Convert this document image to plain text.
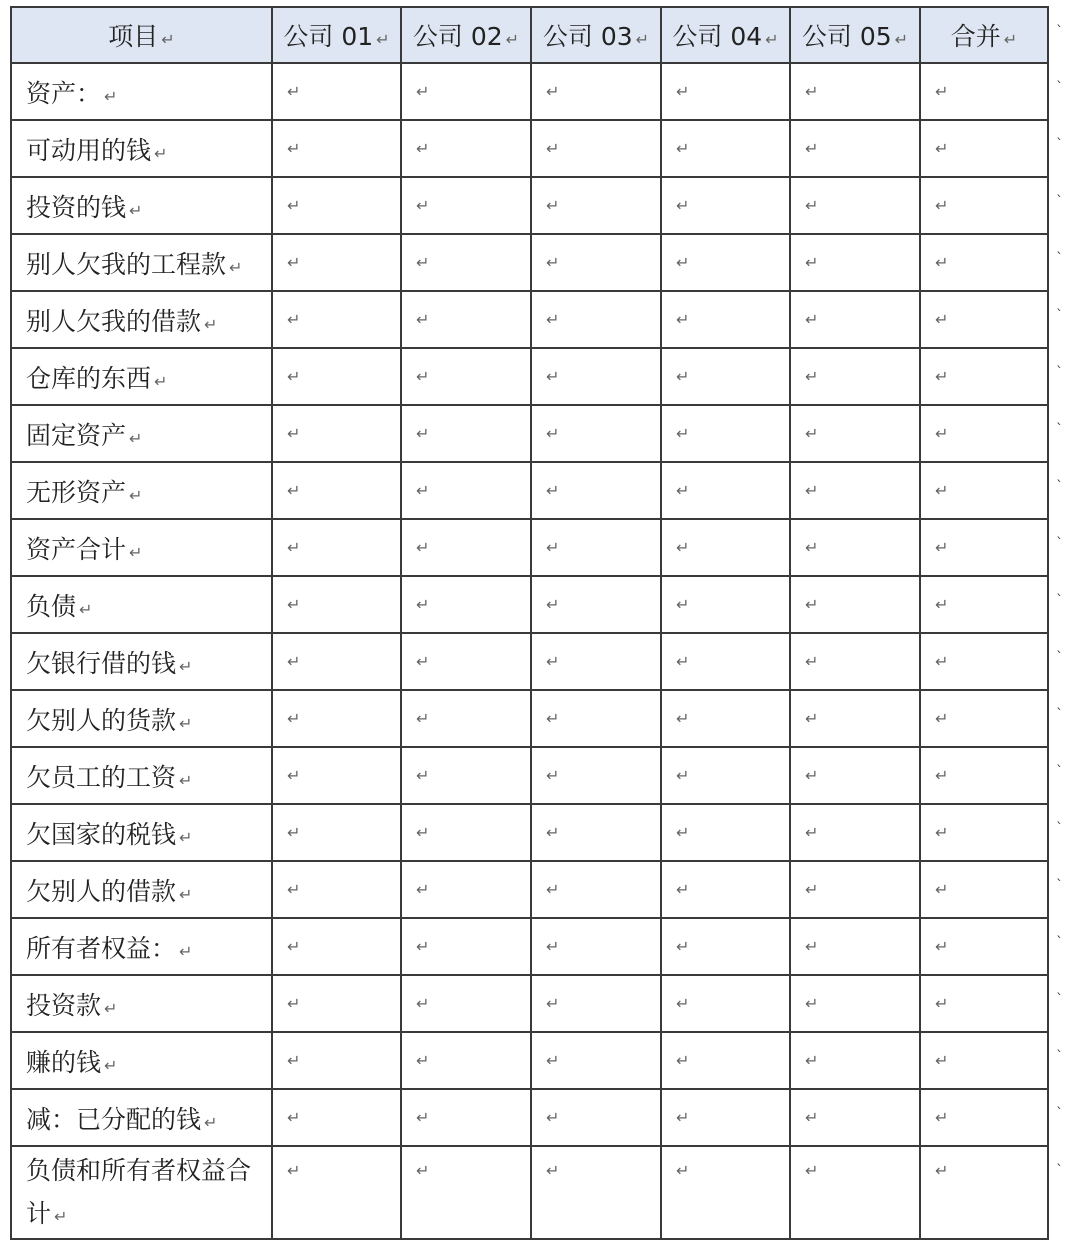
项目 ↵	公司 01 ↵	公司 02 ↵	公司 03 ↵	公司 04 ↵	公司 05 ↵	合并 ↵
资产： ↵	↵	↵	↵	↵	↵	↵
可动用的钱 ↵	↵	↵	↵	↵	↵	↵
投资的钱 ↵	↵	↵	↵	↵	↵	↵
别人欠我的工程款 ↵	↵	↵	↵	↵	↵	↵
别人欠我的借款 ↵	↵	↵	↵	↵	↵	↵
仓库的东西 ↵	↵	↵	↵	↵	↵	↵
固定资产 ↵	↵	↵	↵	↵	↵	↵
无形资产 ↵	↵	↵	↵	↵	↵	↵
资产合计 ↵	↵	↵	↵	↵	↵	↵
负债 ↵	↵	↵	↵	↵	↵	↵
欠银行借的钱 ↵	↵	↵	↵	↵	↵	↵
欠别人的货款 ↵	↵	↵	↵	↵	↵	↵
欠员工的工资 ↵	↵	↵	↵	↵	↵	↵
欠国家的税钱 ↵	↵	↵	↵	↵	↵	↵
欠别人的借款 ↵	↵	↵	↵	↵	↵	↵
所有者权益： ↵	↵	↵	↵	↵	↵	↵
投资款 ↵	↵	↵	↵	↵	↵	↵
赚的钱 ↵	↵	↵	↵	↵	↵	↵
减：已分配的钱 ↵	↵	↵	↵	↵	↵	↵
负债和所有者权益合计 ↵	↵	↵	↵	↵	↵	↵
ˋ
ˋ
ˋ
ˋ
ˋ
ˋ
ˋ
ˋ
ˋ
ˋ
ˋ
ˋ
ˋ
ˋ
ˋ
ˋ
ˋ
ˋ
ˋ
ˋ
ˋ
